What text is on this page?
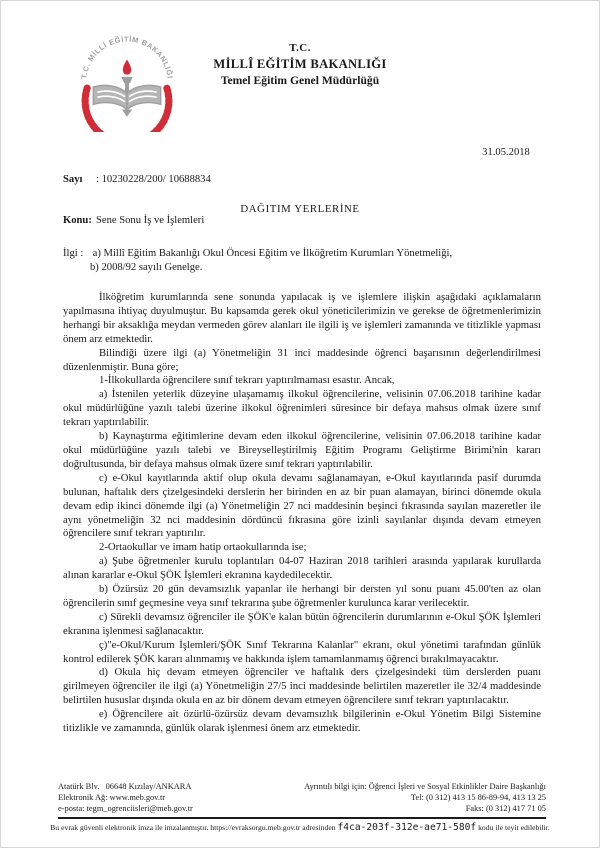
T.C. MİLLİ EĞİTİM BAKANLIĞI
T.C.
MİLLÎ EĞİTİM BAKANLIĞI
Temel Eğitim Genel Müdürlüğü

Sayı : 10230228/200/ 10688834

Konu: Sene Sonu İş ve İşlemleri

31.05.2018
DAĞITIM YERLERİNE
İlgi : a) Millî Eğitim Bakanlığı Okul Öncesi Eğitim ve İlköğretim Kurumları Yönetmeliği,
b) 2008/92 sayılı Genelge.

İlköğretim kurumlarında sene sonunda yapılacak iş ve işlemlere ilişkin aşağıdaki açıklamaların yapılmasına ihtiyaç duyulmuştur. Bu kapsamda gerek okul yöneticilerimizin ve gerekse de öğretmenlerimizin herhangi bir aksaklığa meydan vermeden görev alanları ile ilgili iş ve işlemleri zamanında ve titizlikle yapması önem arz etmektedir.

Bilindiği üzere ilgi (a) Yönetmeliğin 31 inci maddesinde öğrenci başarısının değerlendirilmesi düzenlenmiştir. Buna göre;

1-İlkokullarda öğrencilere sınıf tekrarı yaptırılmaması esastır. Ancak,

a) İstenilen yeterlik düzeyine ulaşamamış ilkokul öğrencilerine, velisinin 07.06.2018 tarihine kadar okul müdürlüğüne yazılı talebi üzerine ilkokul öğrenimleri süresince bir defaya mahsus olmak üzere sınıf tekrarı yaptırılabilir.

b) Kaynaştırma eğitimlerine devam eden ilkokul öğrencilerine, velisinin 07.06.2018 tarihine kadar okul müdürlüğüne yazılı talebi ve Bireyselleştirilmiş Eğitim Programı Geliştirme Birimi'nin kararı doğrultusunda, bir defaya mahsus olmak üzere sınıf tekrarı yaptırılabilir.

c) e-Okul kayıtlarında aktif olup okula devamı sağlanamayan, e-Okul kayıtlarında pasif durumda bulunan, haftalık ders çizelgesindeki derslerin her birinden en az bir puan alamayan, birinci dönemde okula devam edip ikinci dönemde ilgi (a) Yönetmeliğin 27 nci maddesinin beşinci fıkrasında sayılan mazeretler ile aynı yönetmeliğin 32 nci maddesinin dördüncü fıkrasına göre izinli sayılanlar dışında devam etmeyen öğrencilere sınıf tekrarı yaptırılır.

2-Ortaokullar ve imam hatip ortaokullarında ise;

a) Şube öğretmenler kurulu toplantıları 04-07 Haziran 2018 tarihleri arasında yapılarak kurullarda alınan kararlar e-Okul ŞÖK İşlemleri ekranına kaydedilecektir.

b) Özürsüz 20 gün devamsızlık yapanlar ile herhangi bir dersten yıl sonu puanı 45.00'ten az olan öğrencilerin sınıf geçmesine veya sınıf tekrarına şube öğretmenler kurulunca karar verilecektir.

c) Sürekli devamsız öğrenciler ile ŞÖK'e kalan bütün öğrencilerin durumlarının e-Okul ŞÖK İşlemleri ekranına işlenmesi sağlanacaktır.

ç)"e-Okul/Kurum İşlemleri/ŞÖK Sınıf Tekrarına Kalanlar" ekranı, okul yönetimi tarafından günlük kontrol edilerek ŞÖK kararı alınmamış ve hakkında işlem tamamlanmamış öğrenci bırakılmayacaktır.

d) Okula hiç devam etmeyen öğrenciler ve haftalık ders çizelgesindeki tüm derslerden puanı girilmeyen öğrenciler ile ilgi (a) Yönetmeliğin 27/5 inci maddesinde belirtilen mazeretler ile 32/4 maddesinde belirtilen hususlar dışında okula en az bir dönem devam etmeyen öğrencilere sınıf tekrarı yaptırılacaktır.

e) Öğrencilere ait özürlü-özürsüz devam devamsızlık bilgilerinin e-Okul Yönetim Bilgi Sistemine titizlikle ve zamanında, günlük olarak işlenmesi önem arz etmektedir.

Atatürk Blv.   06648 Kızılay/ANKARA
Elektronik Ağ: www.meb.gov.tr
e-posta: tegm_ogrenciisleri@meb.gov.tr
Ayrıntılı bilgi için: Öğrenci İşleri ve Sosyal Etkinlikler Daire Başkanlığı
Tel: (0 312) 413 15 86-89-94, 413 13 25
Faks: (0 312) 417 71 05
Bu evrak güvenli elektronik imza ile imzalanmıştır. https://evraksorgu.meb.gov.tr adresinden f4ca-203f-312e-ae71-580f kodu ile teyit edilebilir.
